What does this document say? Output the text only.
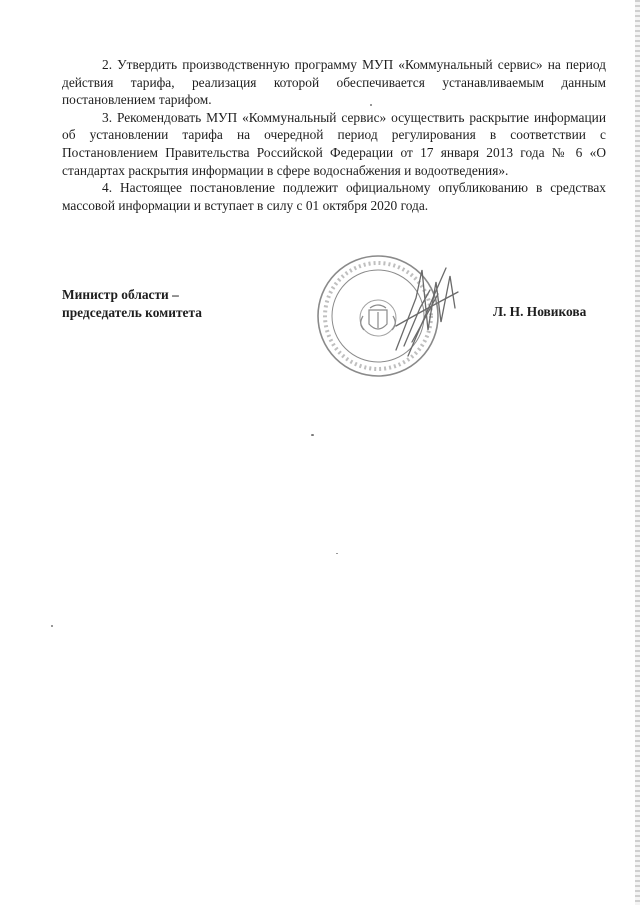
2. Утвердить производственную программу МУП «Коммунальный сервис» на период действия тарифа, реализация которой обеспечивается устанавливаемым данным постановлением тарифом.

3. Рекомендовать МУП «Коммунальный сервис» осуществить раскрытие информации об установлении тарифа на очередной период регулирования в соответствии с Постановлением Правительства Российской Федерации от 17 января 2013 года № 6 «О стандартах раскрытия информации в сфере водоснабжения и водоотведения».

4. Настоящее постановление подлежит официальному опубликованию в средствах массовой информации и вступает в силу с 01 октября 2020 года.

Министр области –
председатель комитета	Л. Н. Новикова
